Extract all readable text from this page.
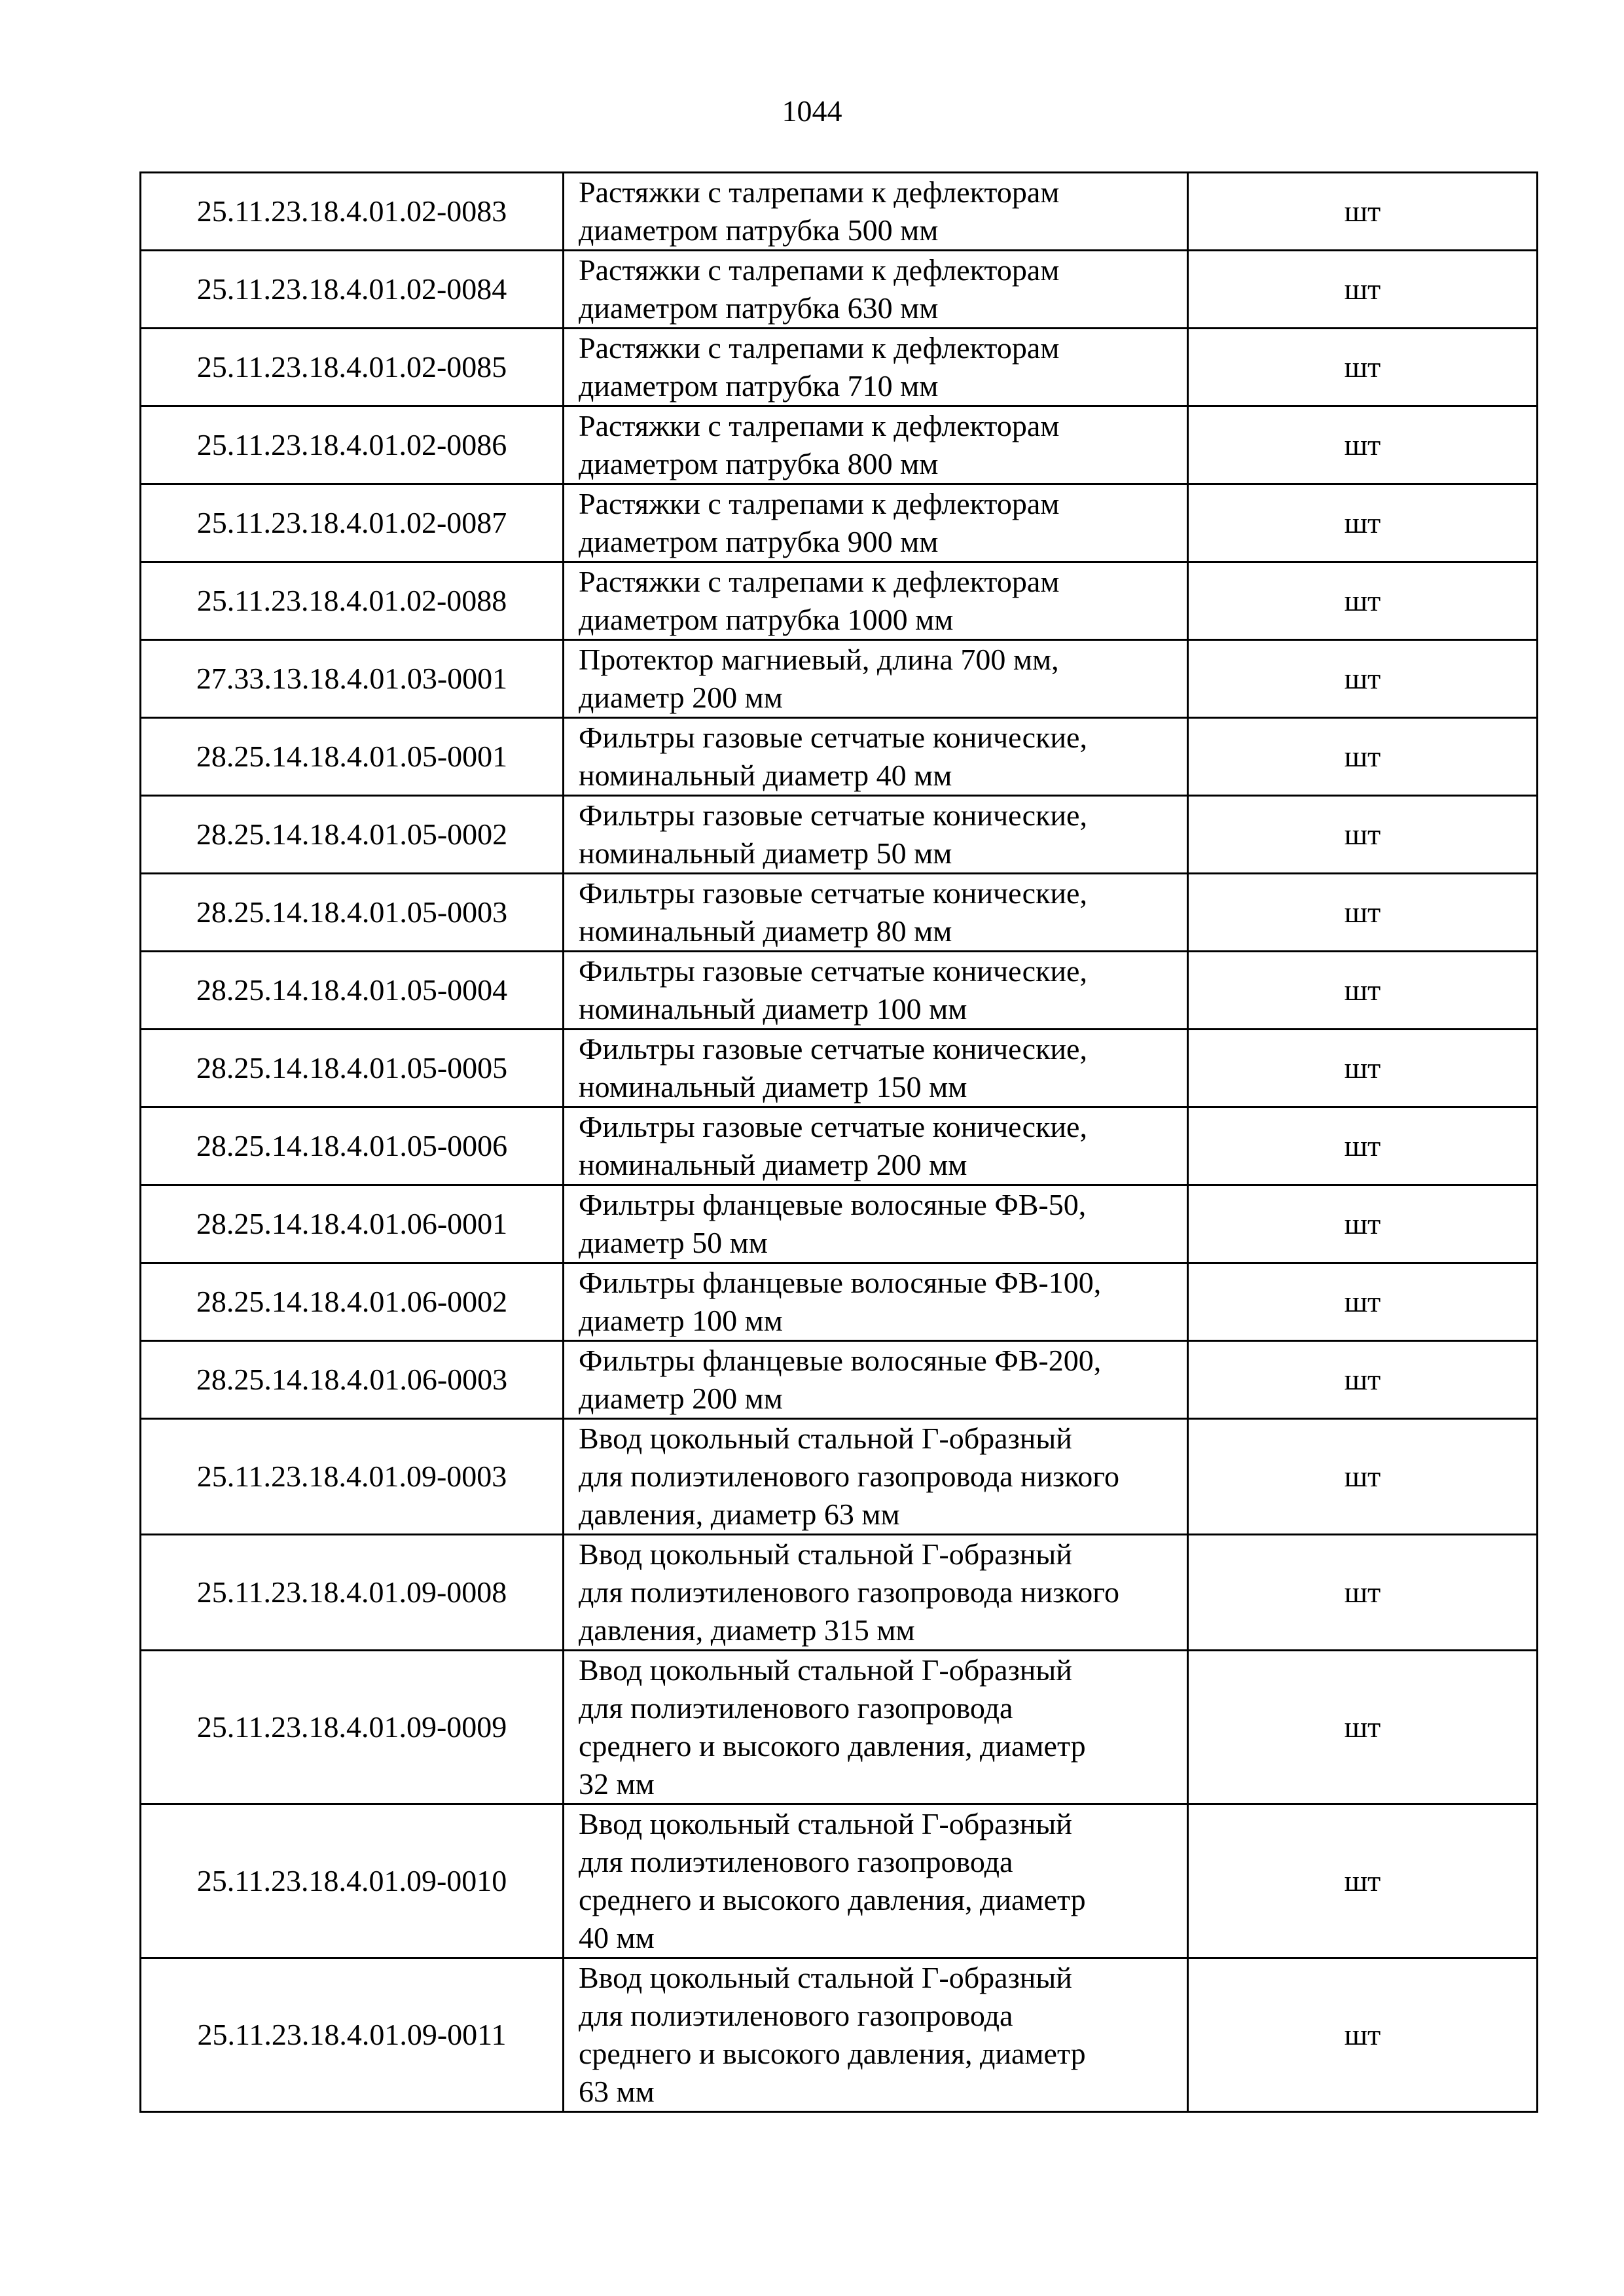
1044
25.11.23.18.4.01.02-0083	Растяжки с талрепами к дефлекторам
диаметром патрубка 500 мм	шт
25.11.23.18.4.01.02-0084	Растяжки с талрепами к дефлекторам
диаметром патрубка 630 мм	шт
25.11.23.18.4.01.02-0085	Растяжки с талрепами к дефлекторам
диаметром патрубка 710 мм	шт
25.11.23.18.4.01.02-0086	Растяжки с талрепами к дефлекторам
диаметром патрубка 800 мм	шт
25.11.23.18.4.01.02-0087	Растяжки с талрепами к дефлекторам
диаметром патрубка 900 мм	шт
25.11.23.18.4.01.02-0088	Растяжки с талрепами к дефлекторам
диаметром патрубка 1000 мм	шт
27.33.13.18.4.01.03-0001	Протектор магниевый, длина 700 мм,
диаметр 200 мм	шт
28.25.14.18.4.01.05-0001	Фильтры газовые сетчатые конические,
номинальный диаметр 40 мм	шт
28.25.14.18.4.01.05-0002	Фильтры газовые сетчатые конические,
номинальный диаметр 50 мм	шт
28.25.14.18.4.01.05-0003	Фильтры газовые сетчатые конические,
номинальный диаметр 80 мм	шт
28.25.14.18.4.01.05-0004	Фильтры газовые сетчатые конические,
номинальный диаметр 100 мм	шт
28.25.14.18.4.01.05-0005	Фильтры газовые сетчатые конические,
номинальный диаметр 150 мм	шт
28.25.14.18.4.01.05-0006	Фильтры газовые сетчатые конические,
номинальный диаметр 200 мм	шт
28.25.14.18.4.01.06-0001	Фильтры фланцевые волосяные ФВ-50,
диаметр 50 мм	шт
28.25.14.18.4.01.06-0002	Фильтры фланцевые волосяные ФВ-100,
диаметр 100 мм	шт
28.25.14.18.4.01.06-0003	Фильтры фланцевые волосяные ФВ-200,
диаметр 200 мм	шт
25.11.23.18.4.01.09-0003	Ввод цокольный стальной Г-образный
для полиэтиленового газопровода низкого
давления, диаметр 63 мм	шт
25.11.23.18.4.01.09-0008	Ввод цокольный стальной Г-образный
для полиэтиленового газопровода низкого
давления, диаметр 315 мм	шт
25.11.23.18.4.01.09-0009	Ввод цокольный стальной Г-образный
для полиэтиленового газопровода
среднего и высокого давления, диаметр
32 мм	шт
25.11.23.18.4.01.09-0010	Ввод цокольный стальной Г-образный
для полиэтиленового газопровода
среднего и высокого давления, диаметр
40 мм	шт
25.11.23.18.4.01.09-0011	Ввод цокольный стальной Г-образный
для полиэтиленового газопровода
среднего и высокого давления, диаметр
63 мм	шт
